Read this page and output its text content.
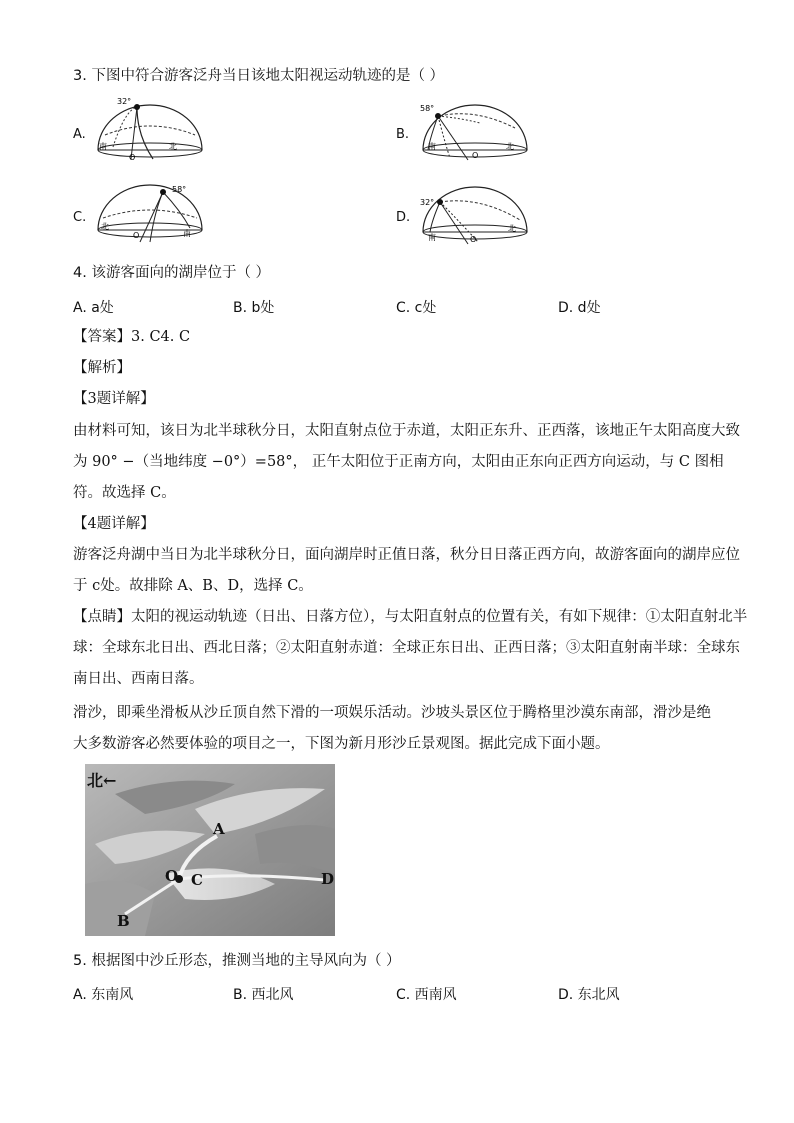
3. 下图中符合游客泛舟当日该地太阳视运动轨迹的是（ ）
A.
32°
南	北
O
B.
58°
南	北
O
C.
58°
北
南
O
D.
32°
南
北
O
4. 该游客面向的湖岸位于（ ）
A. a处	B. b处	C. c处	D. d处
【答案】3. C4. C
【解析】
【3题详解】
由材料可知，该日为北半球秋分日，太阳直射点位于赤道，太阳正东升、正西落，该地正午太阳高度大致
为 90° −（当地纬度 −0°）=58°， 正午太阳位于正南方向，太阳由正东向正西方向运动，与 C 图相
符。故选择 C。
【4题详解】
游客泛舟湖中当日为北半球秋分日，面向湖岸时正值日落，秋分日日落正西方向，故游客面向的湖岸应位
于 c处。故排除 A、B、D，选择 C。
【点睛】太阳的视运动轨迹（日出、日落方位），与太阳直射点的位置有关，有如下规律：①太阳直射北半
球：全球东北日出、西北日落；②太阳直射赤道：全球正东日出、正西日落；③太阳直射南半球：全球东
南日出、西南日落。
滑沙，即乘坐滑板从沙丘顶自然下滑的一项娱乐活动。沙坡头景区位于腾格里沙漠东南部，滑沙是绝
大多数游客必然要体验的项目之一，下图为新月形沙丘景观图。据此完成下面小题。
北←
A
B
C	D
O
5. 根据图中沙丘形态，推测当地的主导风向为（ ）
A. 东南风	B. 西北风	C. 西南风	D. 东北风
